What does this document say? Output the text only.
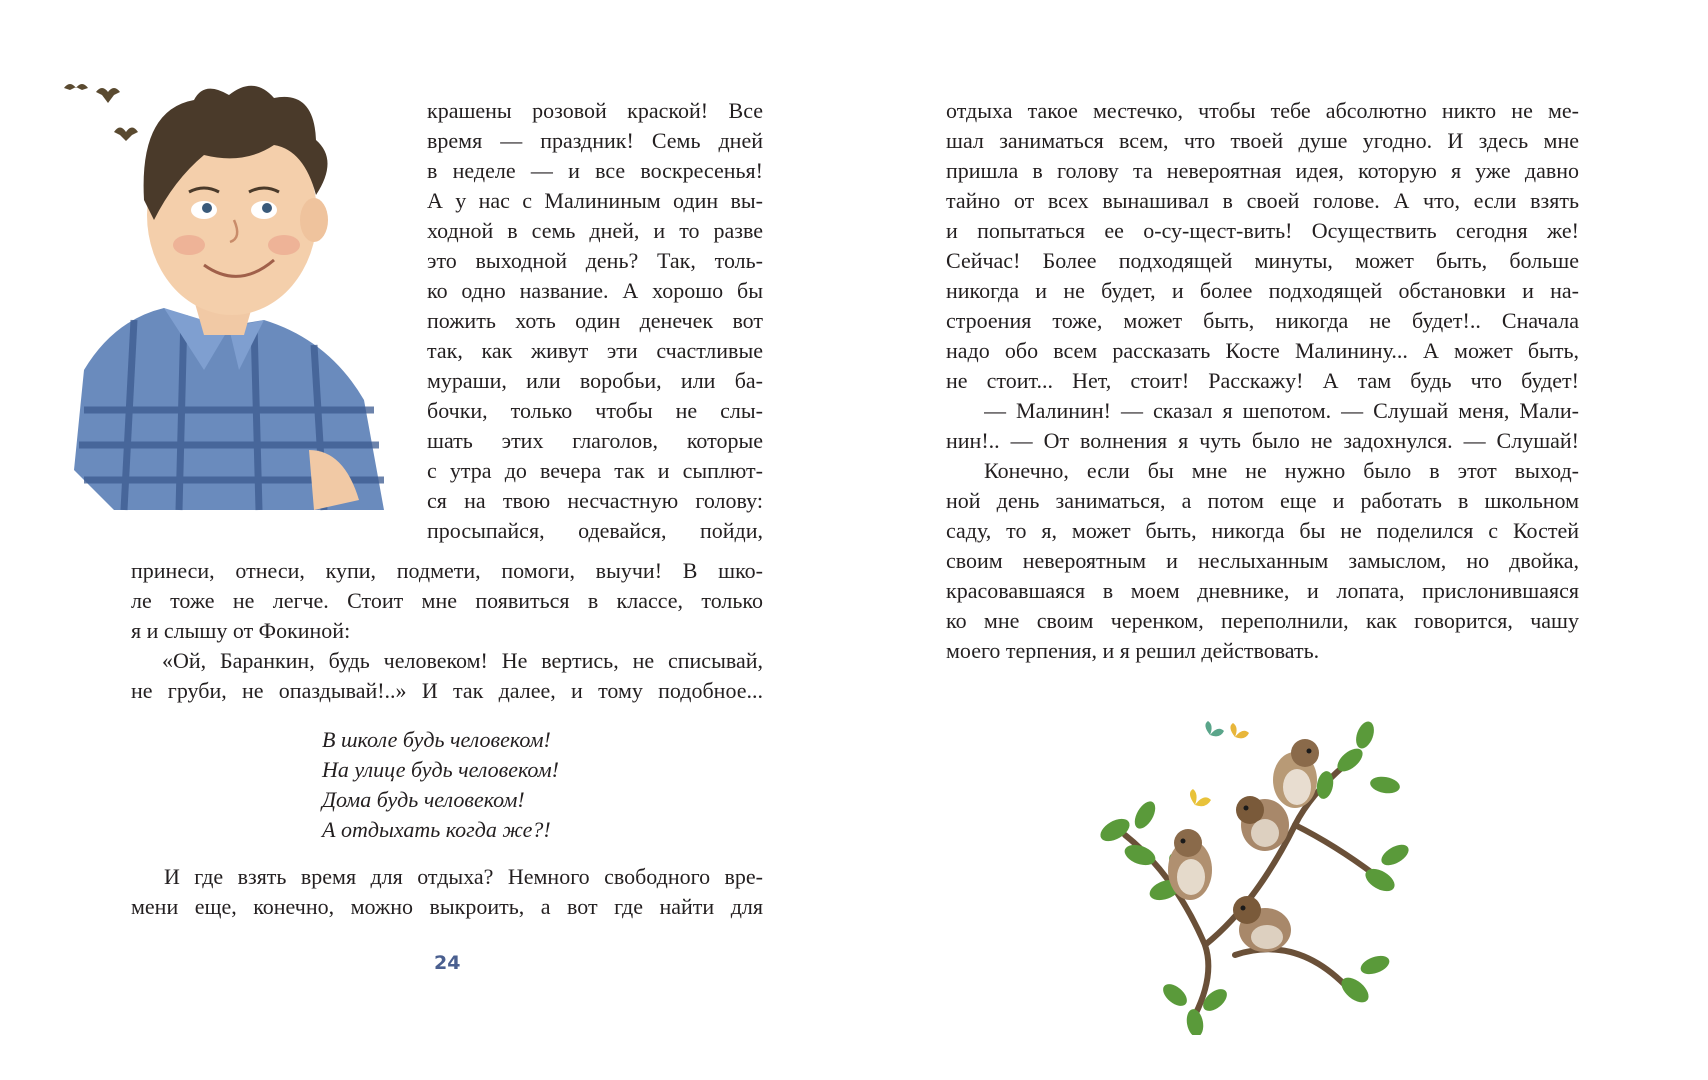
крашены розовой краской! Все
время — праздник! Семь дней
в неделе — и все воскресенья!
А у нас с Малининым один вы-
ходной в семь дней, и то разве
это выходной день? Так, толь-
ко одно название. А хорошо бы
пожить хоть один денечек вот
так, как живут эти счастливые
мураши, или воробьи, или ба-
бочки, только чтобы не слы-
шать этих глаголов, которые
с утра до вечера так и сыплют-
ся на твою несчастную голову:
просыпайся, одевайся, пойди,
принеси, отнеси, купи, подмети, помоги, выучи! В шко-
ле тоже не легче. Стоит мне появиться в классе, только
я и слышу от Фокиной:
«Ой, Баранкин, будь человеком! Не вертись, не списывай,
не груби, не опаздывай!..» И так далее, и тому подобное...
В школе будь человеком!
На улице будь человеком!
Дома будь человеком!
А отдыхать когда же?!
И где взять время для отдыха? Немного свободного вре-
мени еще, конечно, можно выкроить, а вот где найти для
24
отдыха такое местечко, чтобы тебе абсолютно никто не ме-
шал заниматься всем, что твоей душе угодно. И здесь мне
пришла в голову та невероятная идея, которую я уже давно
тайно от всех вынашивал в своей голове. А что, если взять
и попытаться ее о-су-щест-вить! Осуществить сегодня же!
Сейчас! Более подходящей минуты, может быть, больше
никогда и не будет, и более подходящей обстановки и на-
строения тоже, может быть, никогда не будет!.. Сначала
надо обо всем рассказать Косте Малинину... А может быть,
не стоит... Нет, стоит! Расскажу! А там будь что будет!
— Малинин! — сказал я шепотом. — Слушай меня, Мали-
нин!.. — От волнения я чуть было не задохнулся. — Слушай!
Конечно, если бы мне не нужно было в этот выход-
ной день заниматься, а потом еще и работать в школьном
саду, то я, может быть, никогда бы не поделился с Костей
своим невероятным и неслыханным замыслом, но двойка,
красовавшаяся в моем дневнике, и лопата, прислонившаяся
ко мне своим черенком, переполнили, как говорится, чашу
моего терпения, и я решил действовать.
